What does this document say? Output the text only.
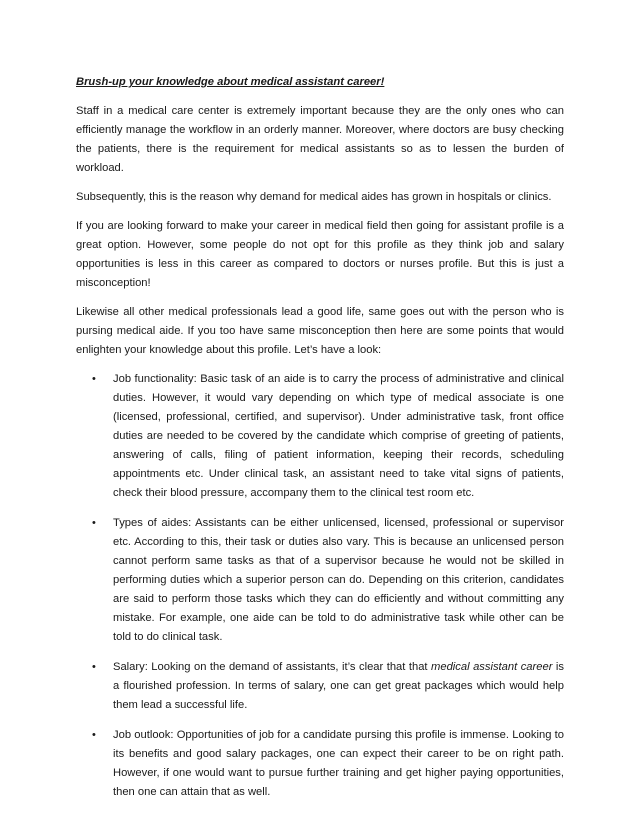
Brush-up your knowledge about medical assistant career!

Staff in a medical care center is extremely important because they are the only ones who can efficiently manage the workflow in an orderly manner. Moreover, where doctors are busy checking the patients, there is the requirement for medical assistants so as to lessen the burden of workload.

Subsequently, this is the reason why demand for medical aides has grown in hospitals or clinics.

If you are looking forward to make your career in medical field then going for assistant profile is a great option. However, some people do not opt for this profile as they think job and salary opportunities is less in this career as compared to doctors or nurses profile. But this is just a misconception!

Likewise all other medical professionals lead a good life, same goes out with the person who is pursing medical aide. If you too have same misconception then here are some points that would enlighten your knowledge about this profile. Let’s have a look:

• Job functionality: Basic task of an aide is to carry the process of administrative and clinical duties. However, it would vary depending on which type of medical associate is one (licensed, professional, certified, and supervisor). Under administrative task, front office duties are needed to be covered by the candidate which comprise of greeting of patients, answering of calls, filing of patient information, keeping their records, scheduling appointments etc. Under clinical task, an assistant need to take vital signs of patients, check their blood pressure, accompany them to the clinical test room etc.
• Types of aides: Assistants can be either unlicensed, licensed, professional or supervisor etc. According to this, their task or duties also vary. This is because an unlicensed person cannot perform same tasks as that of a supervisor because he would not be skilled in performing duties which a superior person can do. Depending on this criterion, candidates are said to perform those tasks which they can do efficiently and without committing any mistake. For example, one aide can be told to do administrative task while other can be told to do clinical task.
• Salary: Looking on the demand of assistants, it’s clear that that medical assistant career is a flourished profession. In terms of salary, one can get great packages which would help them lead a successful life.
• Job outlook: Opportunities of job for a candidate pursing this profile is immense. Looking to its benefits and good salary packages, one can expect their career to be on right path. However, if one would want to pursue further training and get higher paying opportunities, then one can attain that as well.
